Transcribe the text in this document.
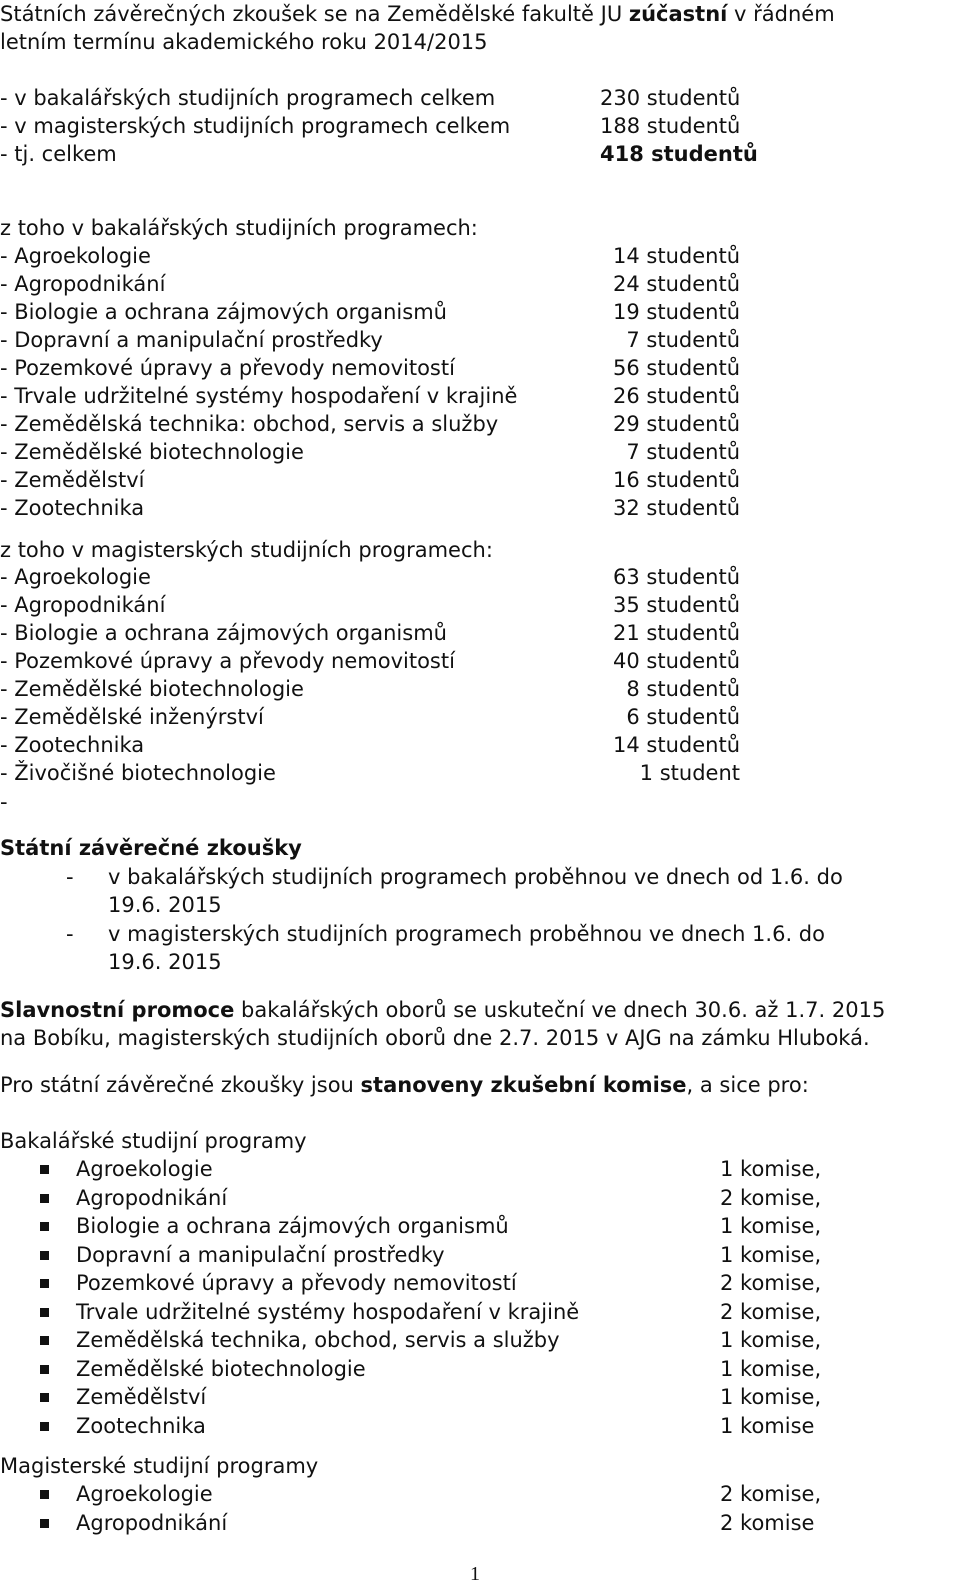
Státních závěrečných zkoušek se na Zemědělské fakultě JU zúčastní v řádném
letním termínu akademického roku 2014/2015
- v bakalářských studijních programech celkem	230 studentů
- v magisterských studijních programech celkem	188 studentů
- tj. celkem	418 studentů
z toho v bakalářských studijních programech:
- Agroekologie	14 studentů
- Agropodnikání	24 studentů
- Biologie a ochrana zájmových organismů	19 studentů
- Dopravní a manipulační prostředky	7 studentů
- Pozemkové úpravy a převody nemovitostí	56 studentů
- Trvale udržitelné systémy hospodaření v krajině	26 studentů
- Zemědělská technika: obchod, servis a služby	29 studentů
- Zemědělské biotechnologie	7 studentů
- Zemědělství	16 studentů
- Zootechnika	32 studentů
z toho v magisterských studijních programech:
- Agroekologie	63 studentů
- Agropodnikání	35 studentů
- Biologie a ochrana zájmových organismů	21 studentů
- Pozemkové úpravy a převody nemovitostí	40 studentů
- Zemědělské biotechnologie	8 studentů
- Zemědělské inženýrství	6 studentů
- Zootechnika	14 studentů
- Živočišné biotechnologie	1 student
-
Státní závěrečné zkoušky
- v bakalářských studijních programech proběhnou ve dnech od 1.6. do
19.6. 2015
- v magisterských studijních programech proběhnou ve dnech 1.6. do
19.6. 2015
Slavnostní promoce bakalářských oborů se uskuteční ve dnech 30.6. až 1.7. 2015
na Bobíku, magisterských studijních oborů dne 2.7. 2015 v AJG na zámku Hluboká.
Pro státní závěrečné zkoušky jsou stanoveny zkušební komise, a sice pro:
Bakalářské studijní programy
Agroekologie	1 komise,
Agropodnikání	2 komise,
Biologie a ochrana zájmových organismů	1 komise,
Dopravní a manipulační prostředky	1 komise,
Pozemkové úpravy a převody nemovitostí	2 komise,
Trvale udržitelné systémy hospodaření v krajině	2 komise,
Zemědělská technika, obchod, servis a služby	1 komise,
Zemědělské biotechnologie	1 komise,
Zemědělství	1 komise,
Zootechnika	1 komise
Magisterské studijní programy
Agroekologie	2 komise,
Agropodnikání	2 komise
1
